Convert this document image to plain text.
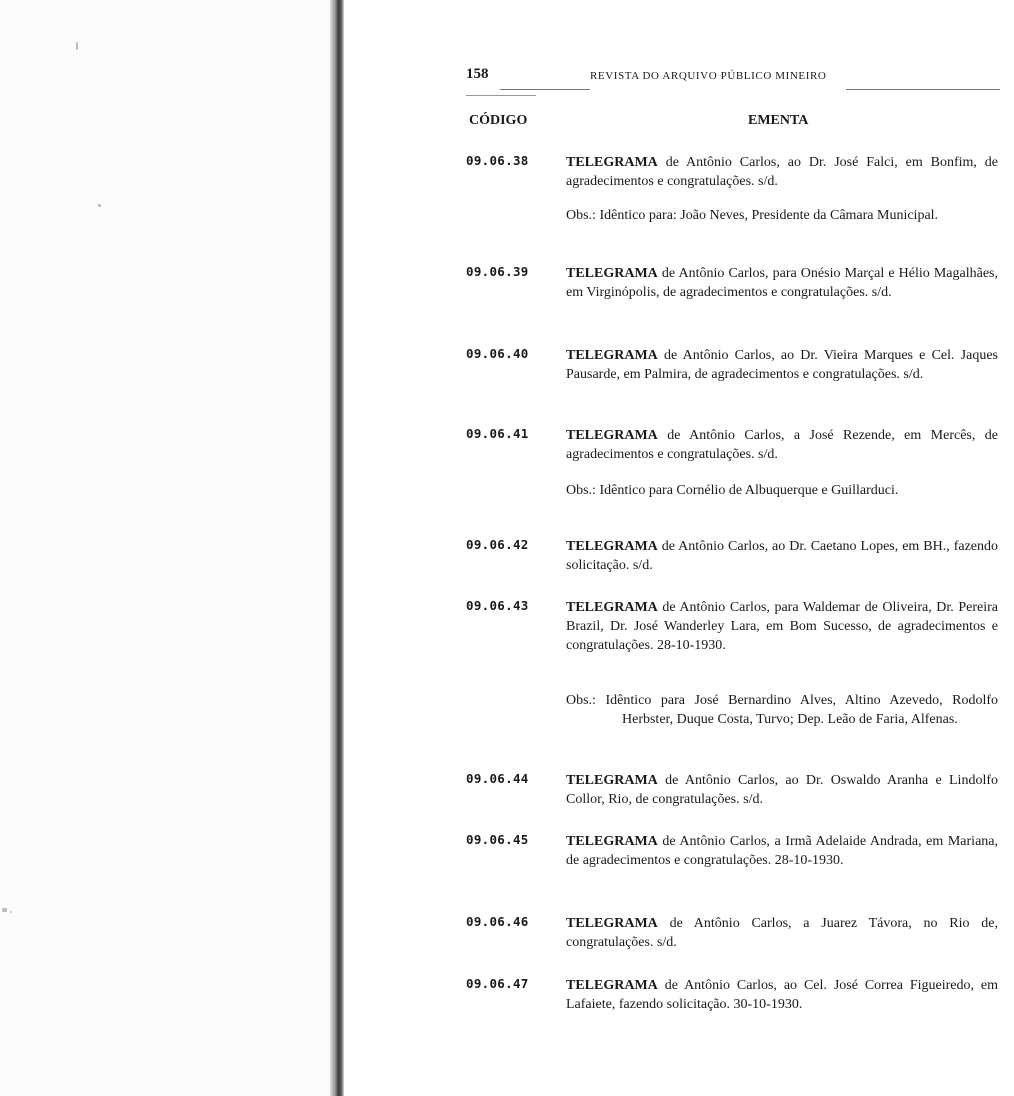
158	REVISTA DO ARQUIVO PÚBLICO MINEIRO
CÓDIGO	EMENTA
09.06.38	TELEGRAMA de Antônio Carlos, ao Dr. José Falci, em Bonfim, de agradecimentos e congratulações. s/d.
Obs.: Idêntico para: João Neves, Presidente da Câmara Municipal.
09.06.39	TELEGRAMA de Antônio Carlos, para Onésio Marçal e Hélio Magalhães, em Virginópolis, de agradecimentos e congratulações. s/d.
09.06.40	TELEGRAMA de Antônio Carlos, ao Dr. Vieira Marques e Cel. Jaques Pausarde, em Palmira, de agradecimentos e congratulações. s/d.
09.06.41	TELEGRAMA de Antônio Carlos, a José Rezende, em Mercês, de agradecimentos e congratulações. s/d.
Obs.: Idêntico para Cornélio de Albuquerque e Guillarduci.
09.06.42	TELEGRAMA de Antônio Carlos, ao Dr. Caetano Lopes, em BH., fazendo solicitação. s/d.
09.06.43	TELEGRAMA de Antônio Carlos, para Waldemar de Oliveira, Dr. Pereira Brazil, Dr. José Wanderley Lara, em Bom Sucesso, de agradecimentos e congratulações. 28-10-1930.
Obs.: Idêntico para José Bernardino Alves, Altino Azevedo, Rodolfo Herbster, Duque Costa, Turvo; Dep. Leão de Faria, Alfenas.
09.06.44	TELEGRAMA de Antônio Carlos, ao Dr. Oswaldo Aranha e Lindolfo Collor, Rio, de congratulações. s/d.
09.06.45	TELEGRAMA de Antônio Carlos, a Irmã Adelaide Andrada, em Mariana, de agradecimentos e congratulações. 28-10-1930.
09.06.46	TELEGRAMA de Antônio Carlos, a Juarez Távora, no Rio de, congratulações. s/d.
09.06.47	TELEGRAMA de Antônio Carlos, ao Cel. José Correa Figueiredo, em Lafaiete, fazendo solicitação. 30-10-1930.
